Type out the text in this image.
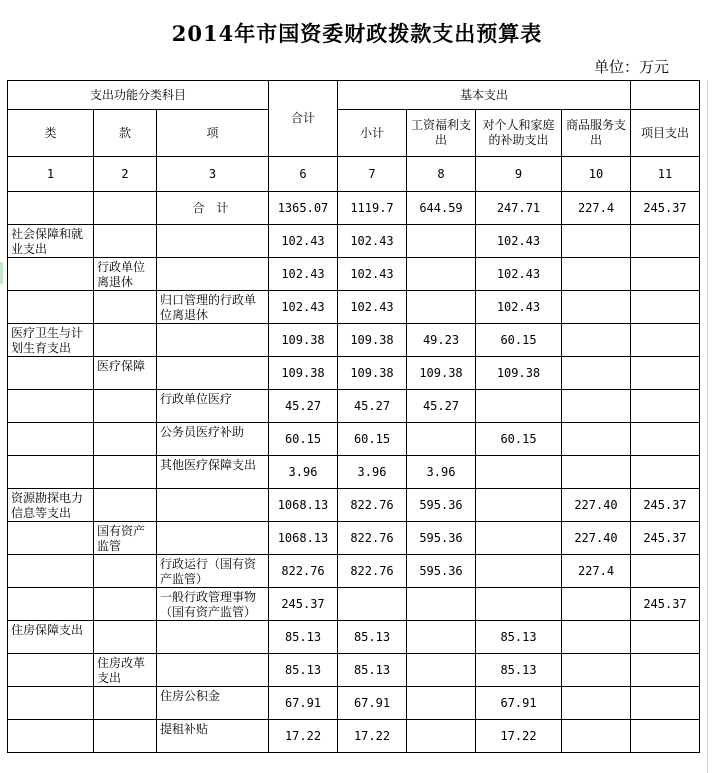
2014年市国资委财政拨款支出预算表
单位：万元
支出功能分类科目			合计	基本支出				
类	款	项		小计	工资福利支出	对个人和家庭的补助支出	商品服务支出	项目支出
1	2	3	6	7	8	9	10	11
		合 计	1365.07	1119.7	644.59	247.71	227.4	245.37
社会保障和就业支出			102.43	102.43		102.43		
	行政单位离退休		102.43	102.43		102.43		
		归口管理的行政单位离退休	102.43	102.43		102.43		
医疗卫生与计划生育支出			109.38	109.38	49.23	60.15		
	医疗保障		109.38	109.38	109.38	109.38		
		行政单位医疗	45.27	45.27	45.27			
		公务员医疗补助	60.15	60.15		60.15		
		其他医疗保障支出	3.96	3.96	3.96			
资源勘探电力信息等支出			1068.13	822.76	595.36		227.40	245.37
	国有资产监管		1068.13	822.76	595.36		227.40	245.37
		行政运行（国有资产监管）	822.76	822.76	595.36		227.4	
		一般行政管理事物（国有资产监管）	245.37					245.37
住房保障支出			85.13	85.13		85.13		
	住房改革支出		85.13	85.13		85.13		
		住房公积金	67.91	67.91		67.91		
		提租补贴	17.22	17.22		17.22		
